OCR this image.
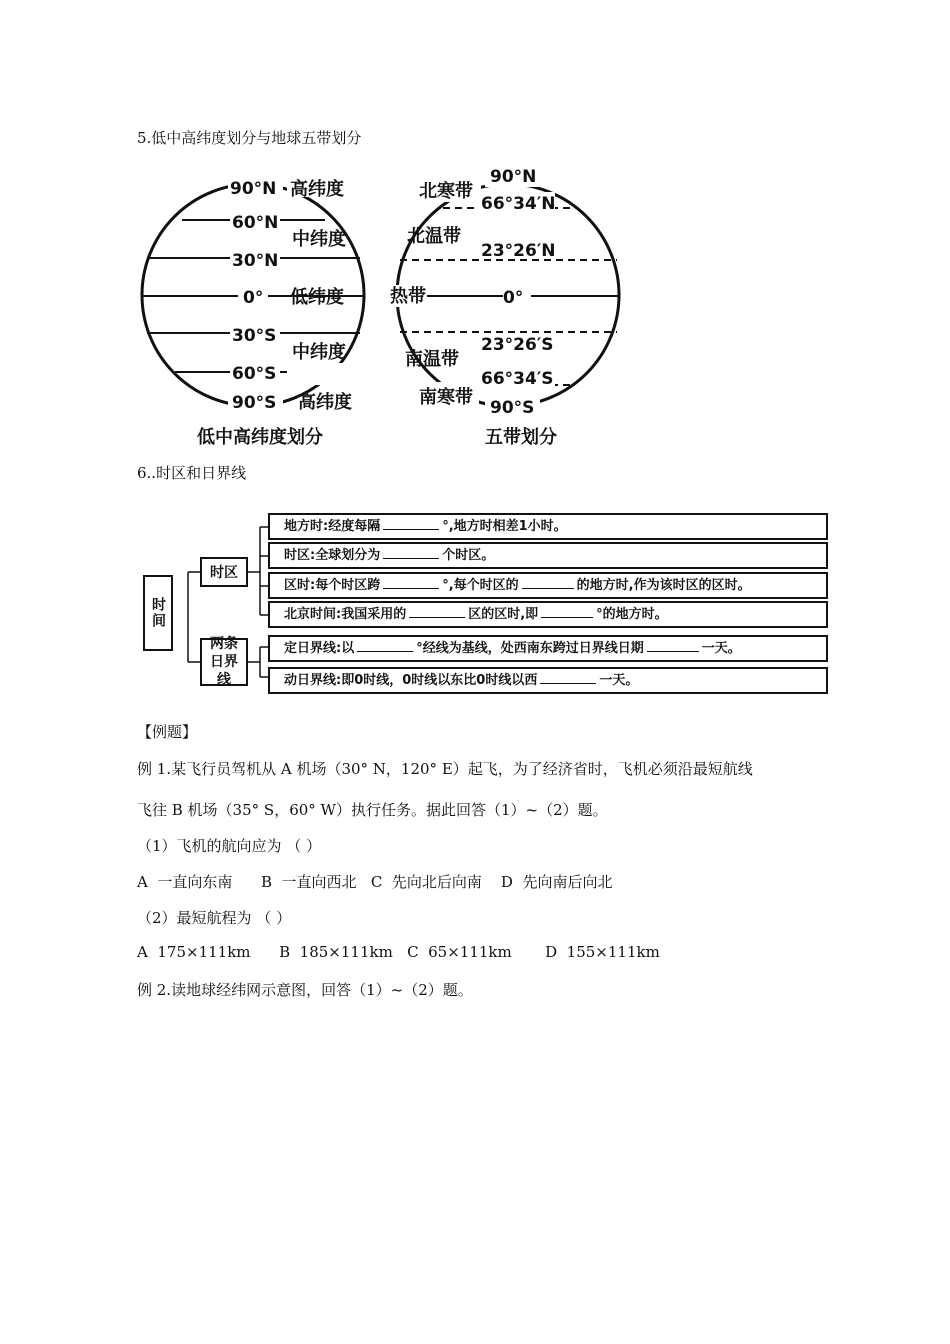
5.低中高纬度划分与地球五带划分
90°N
60°N
30°N
0°
30°S
60°S
90°S
高纬度
中纬度
低纬度
中纬度
高纬度
低中高纬度划分
90°N
66°34′N
23°26′N
0°
23°26′S
66°34′S
90°S
北寒带
北温带
热带
南温带
南寒带
五带划分
6..时区和日界线
时间
时区
两条日界线
地方时:经度每隔	°,地方时相差1小时。
时区:全球划分为	个时区。
区时:每个时区跨	°,每个时区的	的地方时,作为该时区的区时。
北京时间:我国采用的	区的区时,即	°的地方时。
定日界线:以	°经线为基线，处西南东跨过日界线日期	一天。
动日界线:即0时线，0时线以东比0时线以西	一天。
【例题】
例 1.某飞行员驾机从 A 机场（30° N，120° E）起飞，为了经济省时，飞机必须沿最短航线
飞往 B 机场（35° S，60° W）执行任务。据此回答（1）~（2）题。
（1）飞机的航向应为 （ ）
A  一直向东南      B  一直向西北   C  先向北后向南    D  先向南后向北
（2）最短航程为 （ ）
A  175×111km      B  185×111km   C  65×111km       D  155×111km
例 2.读地球经纬网示意图，回答（1）~（2）题。
